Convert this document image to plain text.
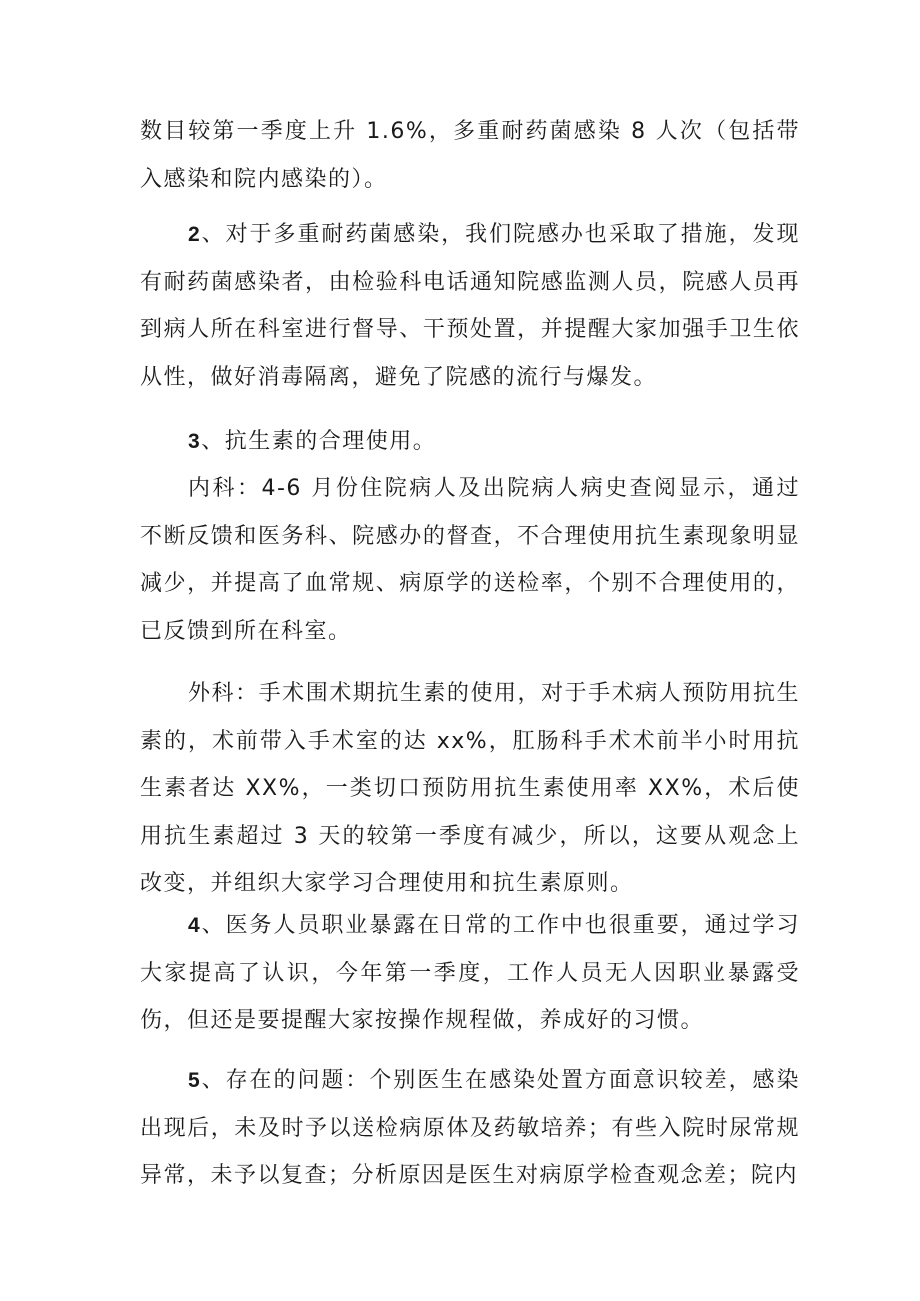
数目较第一季度上升 1.6%，多重耐药菌感染 8 人次（包括带入感染和院内感染的）。

2、对于多重耐药菌感染，我们院感办也采取了措施，发现有耐药菌感染者，由检验科电话通知院感监测人员，院感人员再到病人所在科室进行督导、干预处置，并提醒大家加强手卫生依从性，做好消毒隔离，避免了院感的流行与爆发。

3、抗生素的合理使用。

内科：4-6 月份住院病人及出院病人病史查阅显示，通过不断反馈和医务科、院感办的督查，不合理使用抗生素现象明显减少，并提高了血常规、病原学的送检率，个别不合理使用的，已反馈到所在科室。

外科：手术围术期抗生素的使用，对于手术病人预防用抗生素的，术前带入手术室的达 xx%，肛肠科手术术前半小时用抗生素者达 XX%，一类切口预防用抗生素使用率 XX%，术后使用抗生素超过 3 天的较第一季度有减少，所以，这要从观念上改变，并组织大家学习合理使用和抗生素原则。

4、医务人员职业暴露在日常的工作中也很重要，通过学习大家提高了认识，今年第一季度，工作人员无人因职业暴露受伤，但还是要提醒大家按操作规程做，养成好的习惯。

5、存在的问题：个别医生在感染处置方面意识较差，感染出现后，未及时予以送检病原体及药敏培养；有些入院时尿常规异常，未予以复查；分析原因是医生对病原学检查观念差；院内
